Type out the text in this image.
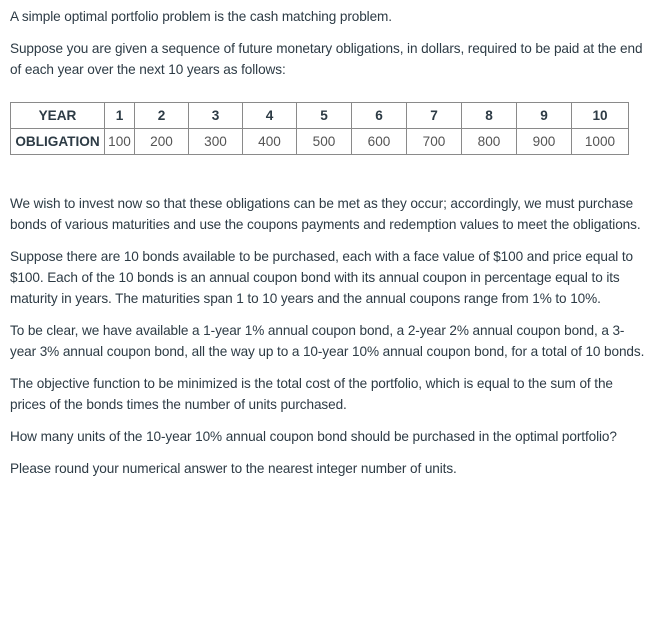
A simple optimal portfolio problem is the cash matching problem.

Suppose you are given a sequence of future monetary obligations, in dollars, required to be paid at the end of each year over the next 10 years as follows:

YEAR	1	2	3	4	5	6	7	8	9	10
OBLIGATION	100	200	300	400	500	600	700	800	900	1000

We wish to invest now so that these obligations can be met as they occur; accordingly, we must purchase bonds of various maturities and use the coupons payments and redemption values to meet the obligations.

Suppose there are 10 bonds available to be purchased, each with a face value of $100 and price equal to $100. Each of the 10 bonds is an annual coupon bond with its annual coupon in percentage equal to its maturity in years. The maturities span 1 to 10 years and the annual coupons range from 1% to 10%.

To be clear, we have available a 1-year 1% annual coupon bond, a 2-year 2% annual coupon bond, a 3-year 3% annual coupon bond, all the way up to a 10-year 10% annual coupon bond, for a total of 10 bonds.

The objective function to be minimized is the total cost of the portfolio, which is equal to the sum of the prices of the bonds times the number of units purchased.

How many units of the 10-year 10% annual coupon bond should be purchased in the optimal portfolio?

Please round your numerical answer to the nearest integer number of units.
